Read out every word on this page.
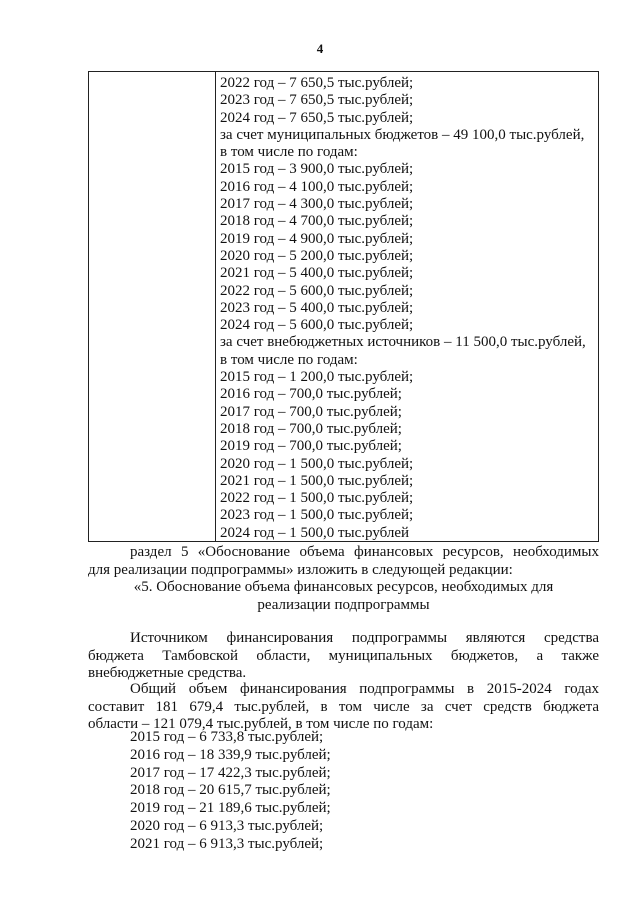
4
2022 год – 7 650,5 тыс.рублей;
2023 год – 7 650,5 тыс.рублей;
2024 год – 7 650,5 тыс.рублей;
за счет муниципальных бюджетов – 49 100,0 тыс.рублей,
в том числе по годам:
2015 год – 3 900,0 тыс.рублей;
2016 год – 4 100,0 тыс.рублей;
2017 год – 4 300,0 тыс.рублей;
2018 год – 4 700,0 тыс.рублей;
2019 год – 4 900,0 тыс.рублей;
2020 год – 5 200,0 тыс.рублей;
2021 год – 5 400,0 тыс.рублей;
2022 год – 5 600,0 тыс.рублей;
2023 год – 5 400,0 тыс.рублей;
2024 год – 5 600,0 тыс.рублей;
за счет внебюджетных источников – 11 500,0 тыс.рублей,
в том числе по годам:
2015 год – 1 200,0 тыс.рублей;
2016 год – 700,0 тыс.рублей;
2017 год – 700,0 тыс.рублей;
2018 год – 700,0 тыс.рублей;
2019 год – 700,0 тыс.рублей;
2020 год – 1 500,0 тыс.рублей;
2021 год – 1 500,0 тыс.рублей;
2022 год – 1 500,0 тыс.рублей;
2023 год – 1 500,0 тыс.рублей;
2024 год – 1 500,0 тыс.рублей
раздел 5 «Обоснование объема финансовых ресурсов, необходимых
для реализации подпрограммы» изложить в следующей редакции:
«5. Обоснование объема финансовых ресурсов, необходимых для
реализации подпрограммы
Источником финансирования подпрограммы являются средства
бюджета Тамбовской области, муниципальных бюджетов, а также
внебюджетные средства.
Общий объем финансирования подпрограммы в 2015-2024 годах
составит 181 679,4 тыс.рублей, в том числе за счет средств бюджета
области – 121 079,4 тыс.рублей, в том числе по годам:
2015 год – 6 733,8 тыс.рублей;
2016 год – 18 339,9 тыс.рублей;
2017 год – 17 422,3 тыс.рублей;
2018 год – 20 615,7 тыс.рублей;
2019 год – 21 189,6 тыс.рублей;
2020 год – 6 913,3 тыс.рублей;
2021 год – 6 913,3 тыс.рублей;
